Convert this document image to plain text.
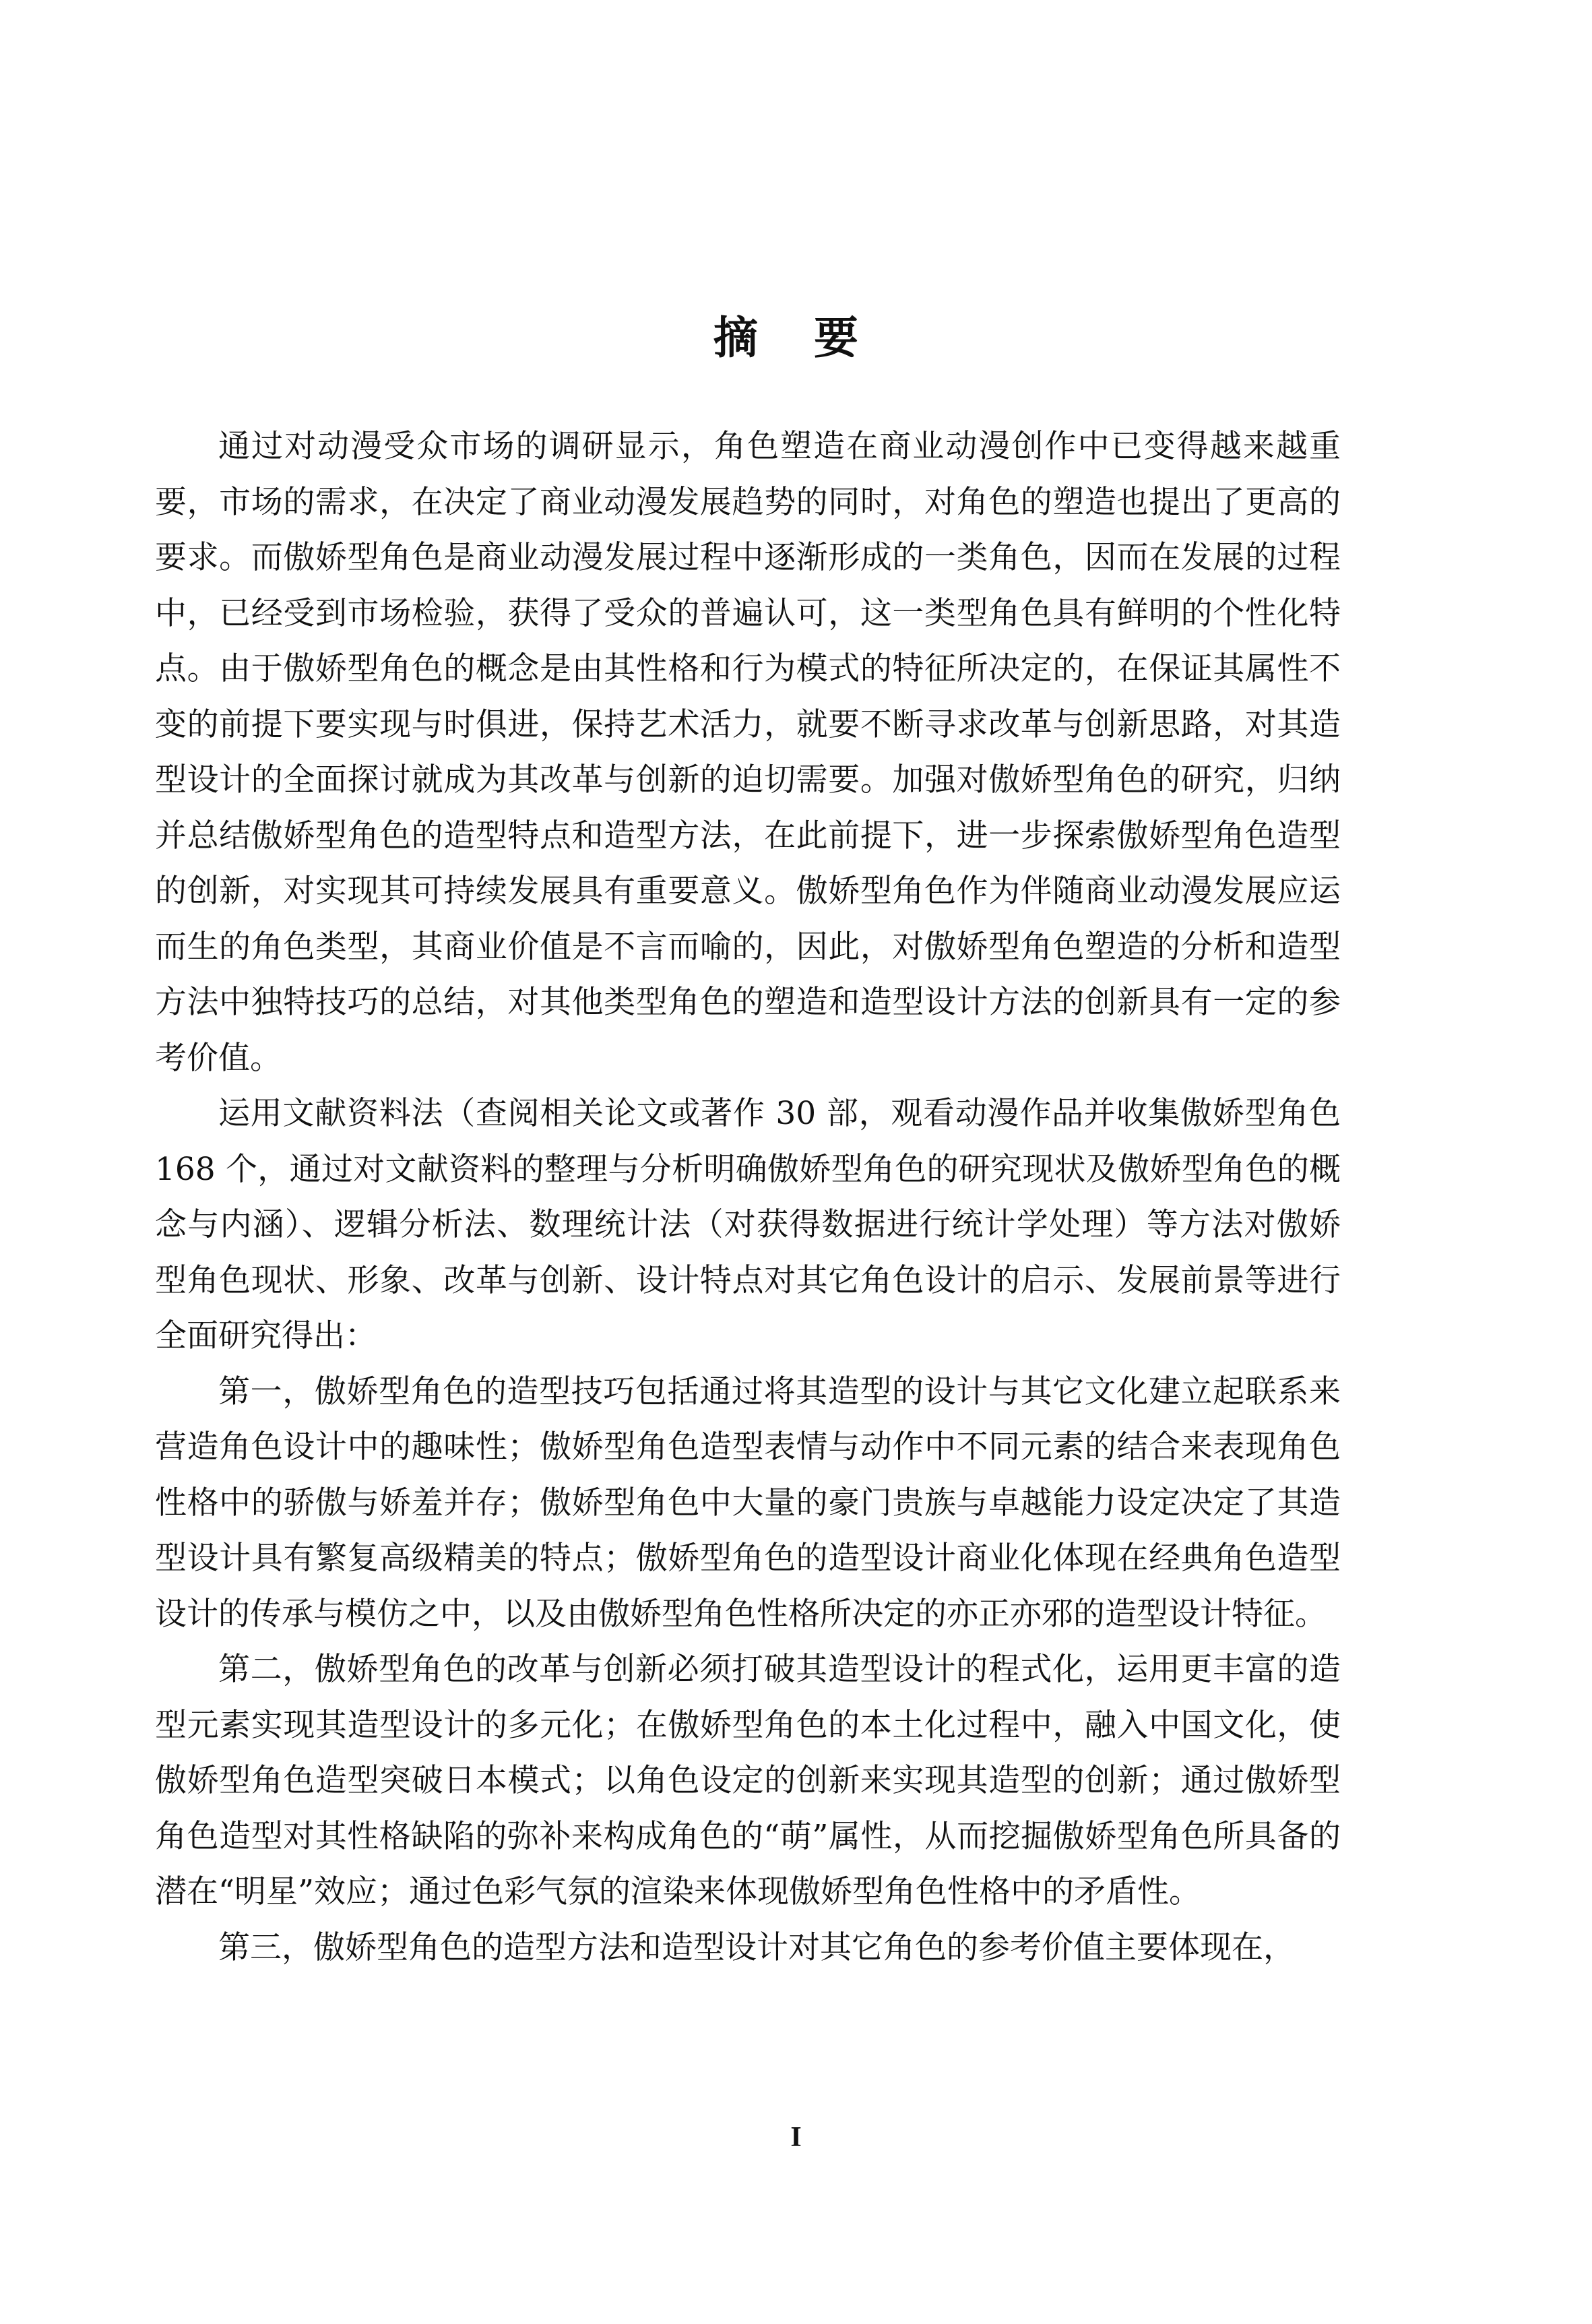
摘 要

通过对动漫受众市场的调研显示，角色塑造在商业动漫创作中已变得越来越重要，市场的需求，在决定了商业动漫发展趋势的同时，对角色的塑造也提出了更高的要求。而傲娇型角色是商业动漫发展过程中逐渐形成的一类角色，因而在发展的过程中，已经受到市场检验，获得了受众的普遍认可，这一类型角色具有鲜明的个性化特点。由于傲娇型角色的概念是由其性格和行为模式的特征所决定的，在保证其属性不变的前提下要实现与时俱进，保持艺术活力，就要不断寻求改革与创新思路，对其造型设计的全面探讨就成为其改革与创新的迫切需要。加强对傲娇型角色的研究，归纳并总结傲娇型角色的造型特点和造型方法，在此前提下，进一步探索傲娇型角色造型的创新，对实现其可持续发展具有重要意义。傲娇型角色作为伴随商业动漫发展应运而生的角色类型，其商业价值是不言而喻的，因此，对傲娇型角色塑造的分析和造型方法中独特技巧的总结，对其他类型角色的塑造和造型设计方法的创新具有一定的参考价值。

运用文献资料法（查阅相关论文或著作 30 部，观看动漫作品并收集傲娇型角色 168 个，通过对文献资料的整理与分析明确傲娇型角色的研究现状及傲娇型角色的概念与内涵）、逻辑分析法、数理统计法（对获得数据进行统计学处理）等方法对傲娇型角色现状、形象、改革与创新、设计特点对其它角色设计的启示、发展前景等进行全面研究得出：

第一，傲娇型角色的造型技巧包括通过将其造型的设计与其它文化建立起联系来营造角色设计中的趣味性；傲娇型角色造型表情与动作中不同元素的结合来表现角色性格中的骄傲与娇羞并存；傲娇型角色中大量的豪门贵族与卓越能力设定决定了其造型设计具有繁复高级精美的特点；傲娇型角色的造型设计商业化体现在经典角色造型设计的传承与模仿之中，以及由傲娇型角色性格所决定的亦正亦邪的造型设计特征。

第二，傲娇型角色的改革与创新必须打破其造型设计的程式化，运用更丰富的造型元素实现其造型设计的多元化；在傲娇型角色的本土化过程中，融入中国文化，使傲娇型角色造型突破日本模式；以角色设定的创新来实现其造型的创新；通过傲娇型角色造型对其性格缺陷的弥补来构成角色的“萌”属性，从而挖掘傲娇型角色所具备的潜在“明星”效应；通过色彩气氛的渲染来体现傲娇型角色性格中的矛盾性。

第三，傲娇型角色的造型方法和造型设计对其它角色的参考价值主要体现在，

I
